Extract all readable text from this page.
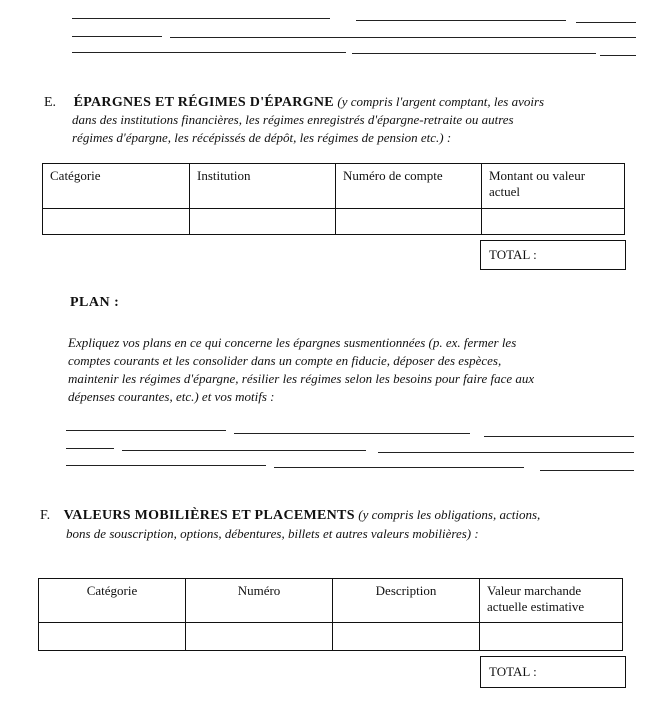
E. ÉPARGNES ET RÉGIMES D'ÉPARGNE (y compris l'argent comptant, les avoirs
dans des institutions financières, les régimes enregistrés d'épargne-retraite ou autres
régimes d'épargne, les récépissés de dépôt, les régimes de pension etc.) :
Catégorie	Institution	Numéro de compte	Montant ou valeur actuel

TOTAL :
PLAN :
Expliquez vos plans en ce qui concerne les épargnes susmentionnées (p. ex. fermer les
comptes courants et les consolider dans un compte en fiducie, déposer des espèces,
maintenir les régimes d'épargne, résilier les régimes selon les besoins pour faire face aux
dépenses courantes, etc.) et vos motifs :
F. VALEURS MOBILIÈRES ET PLACEMENTS (y compris les obligations, actions,
bons de souscription, options, débentures, billets et autres valeurs mobilières) :
Catégorie	Numéro	Description	Valeur marchande actuelle estimative

TOTAL :
